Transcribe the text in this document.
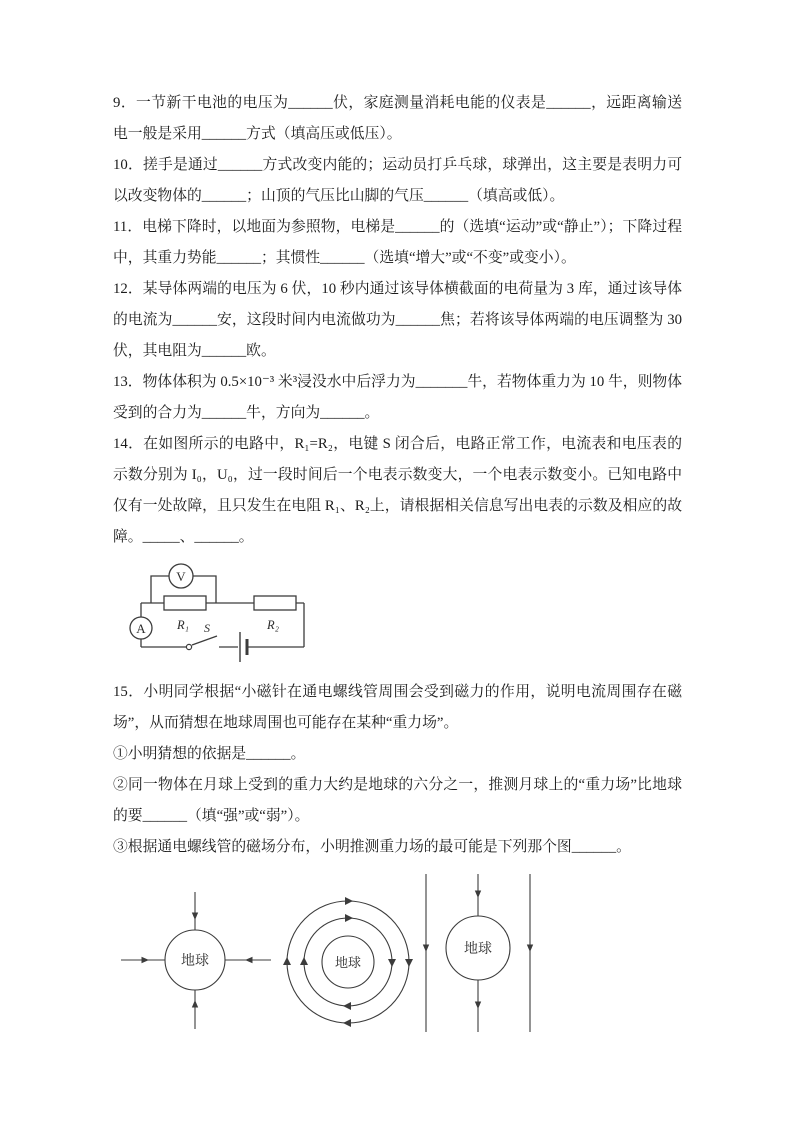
9．一节新干电池的电压为______伏，家庭测量消耗电能的仪表是______，远距离输送电一般是采用______方式（填高压或低压）。

10．搓手是通过______方式改变内能的；运动员打乒乓球，球弹出，这主要是表明力可以改变物体的______；山顶的气压比山脚的气压______（填高或低）。

11．电梯下降时，以地面为参照物，电梯是______的（选填“运动”或“静止”）；下降过程中，其重力势能______；其惯性______（选填“增大”或“不变”或变小）。

12．某导体两端的电压为 6 伏，10 秒内通过该导体横截面的电荷量为 3 库，通过该导体的电流为______安，这段时间内电流做功为______焦；若将该导体两端的电压调整为 30 伏，其电阻为______欧。

13．物体体积为 0.5×10⁻³ 米³浸没水中后浮力为_______牛，若物体重力为 10 牛，则物体受到的合力为______牛，方向为______。

14．在如图所示的电路中，R₁=R₂，电键 S 闭合后，电路正常工作，电流表和电压表的示数分别为 I₀，U₀，过一段时间后一个电表示数变大，一个电表示数变小。已知电路中仅有一处故障，且只发生在电阻 R₁、R₂上，请根据相关信息写出电表的示数及相应的故障。_____、______。

R₁	R₂
V
A	S

15．小明同学根据“小磁针在通电螺线管周围会受到磁力的作用，说明电流周围存在磁场”，从而猜想在地球周围也可能存在某种“重力场”。

①小明猜想的依据是______。

②同一物体在月球上受到的重力大约是地球的六分之一，推测月球上的“重力场”比地球的要______（填“强”或“弱”）。

③根据通电螺线管的磁场分布，小明推测重力场的最可能是下列那个图______。

地球	地球
地球
